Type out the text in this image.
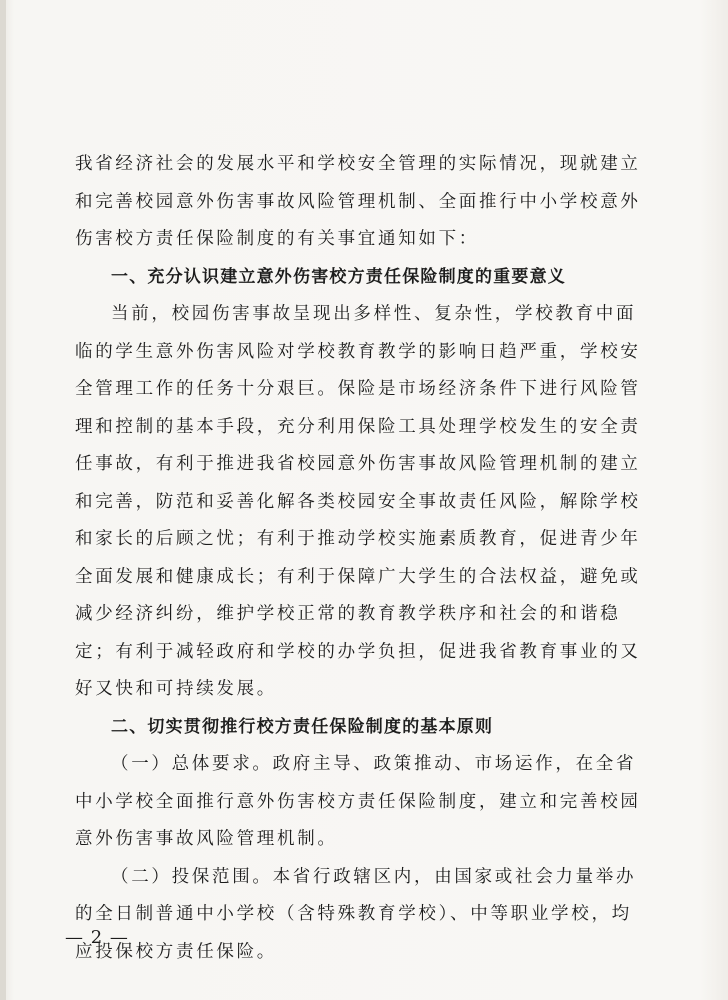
我省经济社会的发展水平和学校安全管理的实际情况，现就建立
和完善校园意外伤害事故风险管理机制、全面推行中小学校意外
伤害校方责任保险制度的有关事宜通知如下：
一、充分认识建立意外伤害校方责任保险制度的重要意义
当前，校园伤害事故呈现出多样性、复杂性，学校教育中面
临的学生意外伤害风险对学校教育教学的影响日趋严重，学校安
全管理工作的任务十分艰巨。保险是市场经济条件下进行风险管
理和控制的基本手段，充分利用保险工具处理学校发生的安全责
任事故，有利于推进我省校园意外伤害事故风险管理机制的建立
和完善，防范和妥善化解各类校园安全事故责任风险，解除学校
和家长的后顾之忧；有利于推动学校实施素质教育，促进青少年
全面发展和健康成长；有利于保障广大学生的合法权益，避免或
减少经济纠纷，维护学校正常的教育教学秩序和社会的和谐稳
定；有利于减轻政府和学校的办学负担，促进我省教育事业的又
好又快和可持续发展。
二、切实贯彻推行校方责任保险制度的基本原则
（一）总体要求。政府主导、政策推动、市场运作，在全省
中小学校全面推行意外伤害校方责任保险制度，建立和完善校园
意外伤害事故风险管理机制。
（二）投保范围。本省行政辖区内，由国家或社会力量举办
的全日制普通中小学校（含特殊教育学校）、中等职业学校，均
应投保校方责任保险。
— 2 —
